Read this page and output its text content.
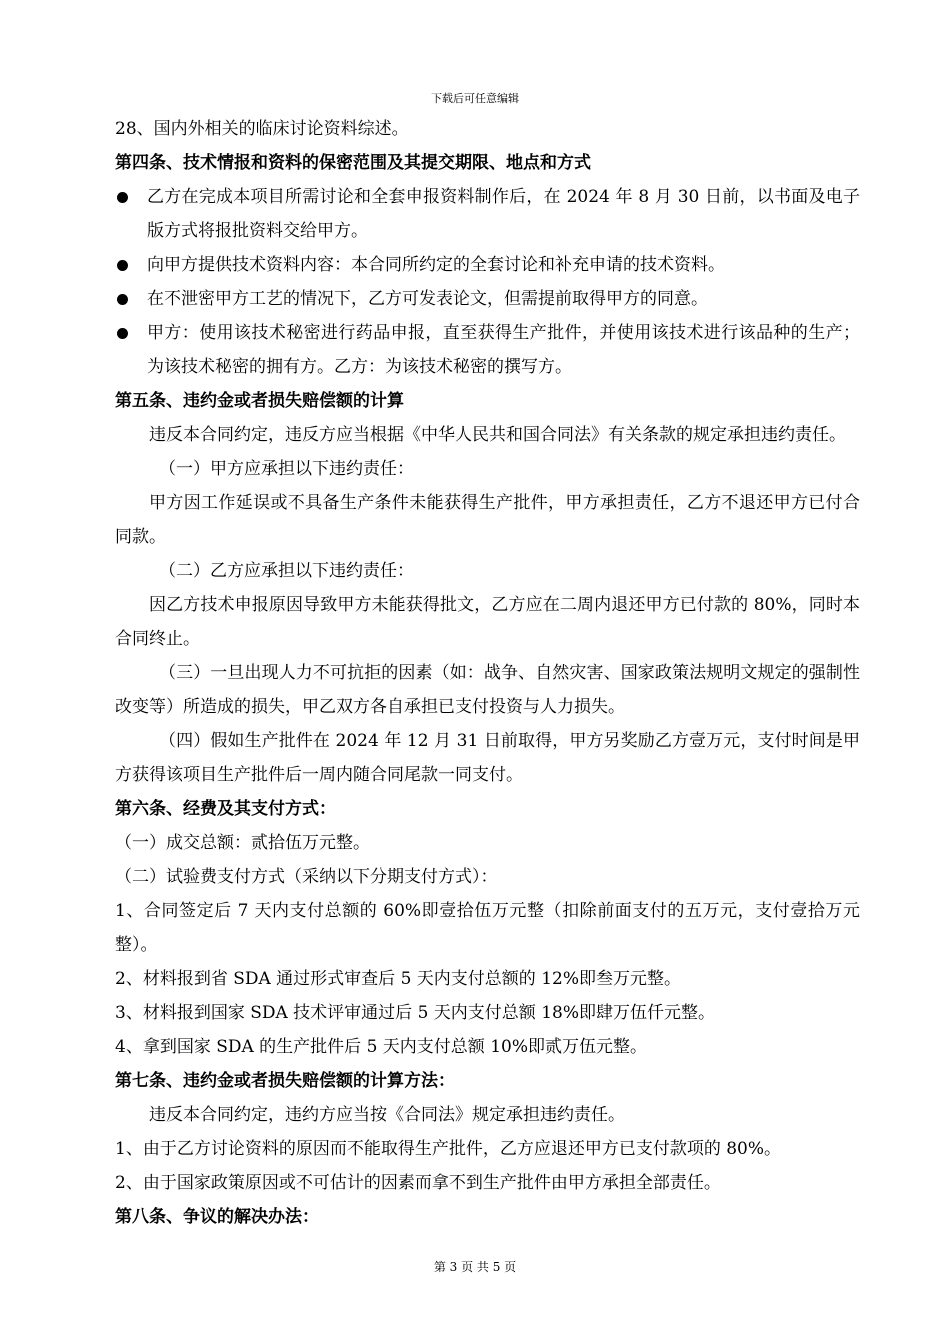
下载后可任意编辑

28、国内外相关的临床讨论资料综述。

第四条、技术情报和资料的保密范围及其提交期限、地点和方式

乙方在完成本项目所需讨论和全套申报资料制作后，在 2024 年 8 月 30 日前，以书面及电子版方式将报批资料交给甲方。
向甲方提供技术资料内容：本合同所约定的全套讨论和补充申请的技术资料。
在不泄密甲方工艺的情况下，乙方可发表论文，但需提前取得甲方的同意。
甲方：使用该技术秘密进行药品申报，直至获得生产批件，并使用该技术进行该品种的生产；为该技术秘密的拥有方。乙方：为该技术秘密的撰写方。

第五条、违约金或者损失赔偿额的计算

违反本合同约定，违反方应当根据《中华人民共和国合同法》有关条款的规定承担违约责任。

（一）甲方应承担以下违约责任：

甲方因工作延误或不具备生产条件未能获得生产批件，甲方承担责任，乙方不退还甲方已付合同款。

（二）乙方应承担以下违约责任：

因乙方技术申报原因导致甲方未能获得批文，乙方应在二周内退还甲方已付款的 80%，同时本合同终止。

（三）一旦出现人力不可抗拒的因素（如：战争、自然灾害、国家政策法规明文规定的强制性改变等）所造成的损失，甲乙双方各自承担已支付投资与人力损失。

（四）假如生产批件在 2024 年 12 月 31 日前取得，甲方另奖励乙方壹万元，支付时间是甲方获得该项目生产批件后一周内随合同尾款一同支付。

第六条、经费及其支付方式：

（一）成交总额：贰拾伍万元整。

（二）试验费支付方式（采纳以下分期支付方式）：

1、合同签定后 7 天内支付总额的 60%即壹拾伍万元整（扣除前面支付的五万元，支付壹拾万元整）。

2、材料报到省 SDA 通过形式审查后 5 天内支付总额的 12%即叁万元整。

3、材料报到国家 SDA 技术评审通过后 5 天内支付总额 18%即肆万伍仟元整。

4、拿到国家 SDA 的生产批件后 5 天内支付总额 10%即贰万伍元整。

第七条、违约金或者损失赔偿额的计算方法：

违反本合同约定，违约方应当按《合同法》规定承担违约责任。

1、由于乙方讨论资料的原因而不能取得生产批件，乙方应退还甲方已支付款项的 80%。

2、由于国家政策原因或不可估计的因素而拿不到生产批件由甲方承担全部责任。

第八条、争议的解决办法：

第 3 页 共 5 页
